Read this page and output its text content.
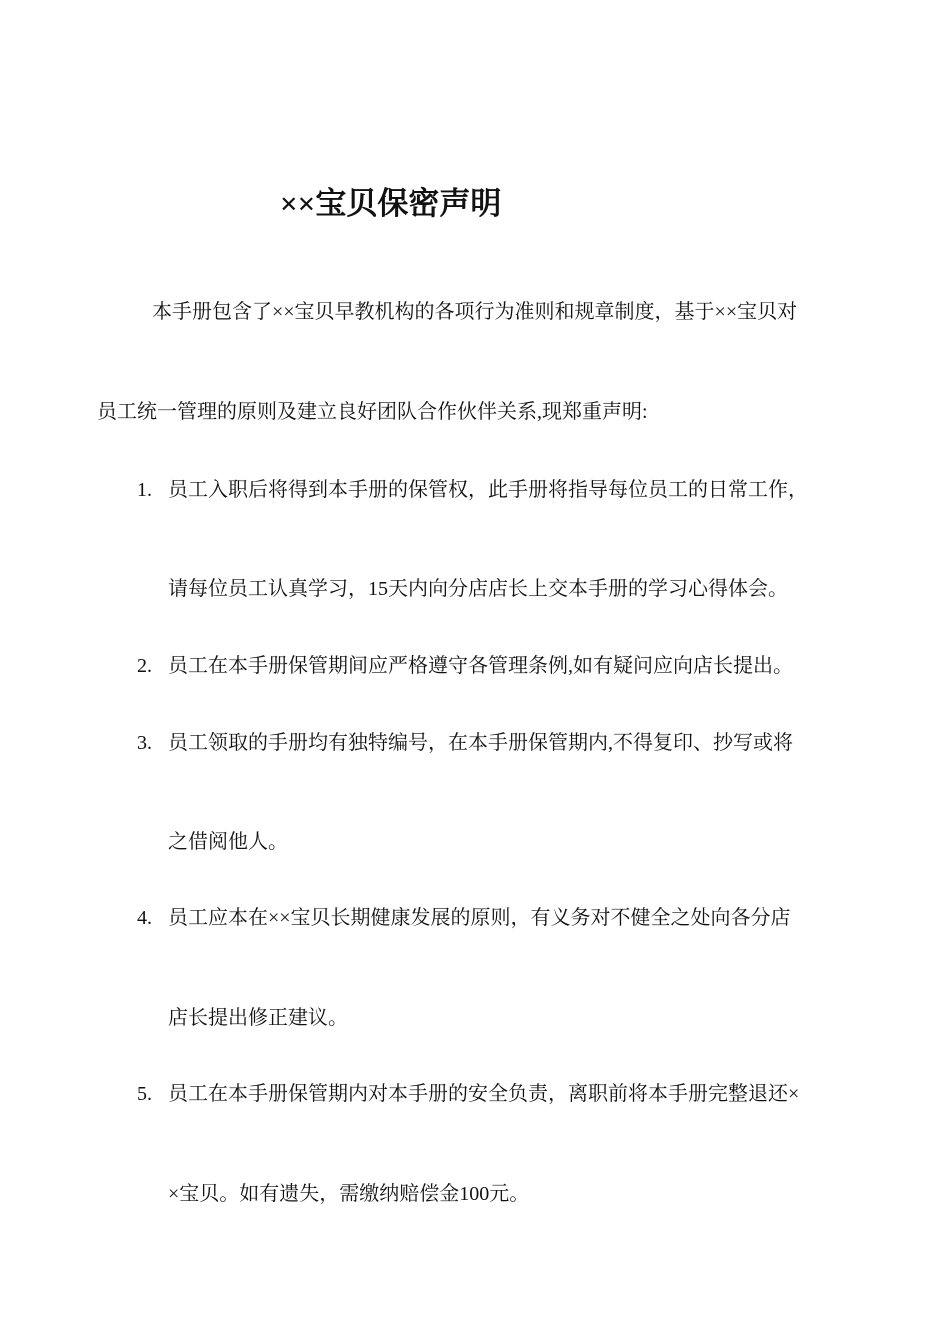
××宝贝保密声明
本手册包含了××宝贝早教机构的各项行为准则和规章制度，基于××宝贝对
员工统一管理的原则及建立良好团队合作伙伴关系,现郑重声明:
1. 员工入职后将得到本手册的保管权，此手册将指导每位员工的日常工作，
请每位员工认真学习，15天内向分店店长上交本手册的学习心得体会。
2. 员工在本手册保管期间应严格遵守各管理条例,如有疑问应向店长提出。
3. 员工领取的手册均有独特编号，在本手册保管期内,不得复印、抄写或将
之借阅他人。
4. 员工应本在××宝贝长期健康发展的原则，有义务对不健全之处向各分店
店长提出修正建议。
5. 员工在本手册保管期内对本手册的安全负责，离职前将本手册完整退还×
×宝贝。如有遗失，需缴纳赔偿金100元。
